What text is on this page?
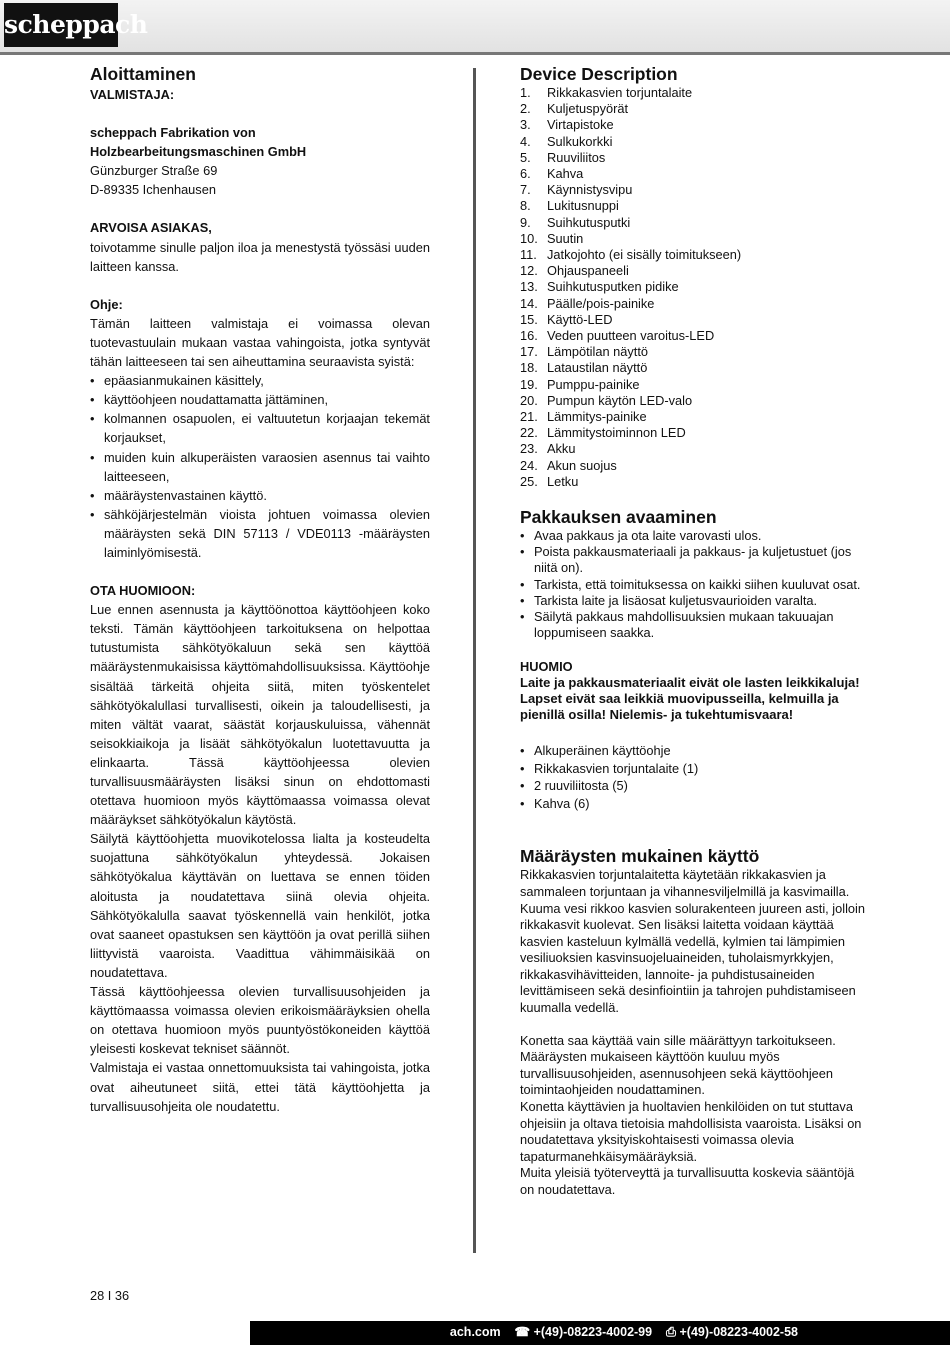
scheppach
Aloittaminen

VALMISTAJA:

scheppach Fabrikation von

Holzbearbeitungsmaschinen GmbH

Günzburger Straße 69

D-89335 Ichenhausen

ARVOISA ASIAKAS,

toivotamme sinulle paljon iloa ja menestystä työssäsi uuden laitteen kanssa.

Ohje:

Tämän laitteen valmistaja ei voimassa olevan tuotevastuulain mukaan vastaa vahingoista, jotka syntyvät tähän laitteeseen tai sen aiheuttamina seuraavista syistä:

• epäasianmukainen käsittely,
• käyttöohjeen noudattamatta jättäminen,
• kolmannen osapuolen, ei valtuutetun korjaajan tekemät korjaukset,
• muiden kuin alkuperäisten varaosien asennus tai vaihto laitteeseen,
• määräystenvastainen käyttö.
• sähköjärjestelmän vioista johtuen voimassa olevien määräysten sekä DIN 57113 / VDE0113 -määräysten laiminlyömisestä.

OTA HUOMIOON:

Lue ennen asennusta ja käyttöönottoa käyttöohjeen koko teksti. Tämän käyttöohjeen tarkoituksena on helpottaa tutustumista sähkötyökaluun sekä sen käyttöä määräystenmukaisissa käyttömahdollisuuksissa. Käyttöohje sisältää tärkeitä ohjeita siitä, miten työskentelet sähkötyökalullasi turvallisesti, oikein ja taloudellisesti, ja miten vältät vaarat, säästät korjauskuluissa, vähennät seisokkiaikoja ja lisäät sähkötyökalun luotettavuutta ja elinkaarta. Tässä käyttöohjeessa olevien turvallisuusmääräysten lisäksi sinun on ehdottomasti otettava huomioon myös käyttömaassa voimassa olevat määräykset sähkötyökalun käytöstä.

Säilytä käyttöohjetta muovikotelossa lialta ja kosteudelta suojattuna sähkötyökalun yhteydessä. Jokaisen sähkötyökalua käyttävän on luettava se ennen töiden aloitusta ja noudatettava siinä olevia ohjeita. Sähkötyökalulla saavat työskennellä vain henkilöt, jotka ovat saaneet opastuksen sen käyttöön ja ovat perillä siihen liittyvistä vaaroista. Vaadittua vähimmäisikää on noudatettava.

Tässä käyttöohjeessa olevien turvallisuusohjeiden ja käyttömaassa voimassa olevien erikoismääräyksien ohella on otettava huomioon myös puuntyöstökoneiden käyttöä yleisesti koskevat tekniset säännöt.

Valmistaja ei vastaa onnettomuuksista tai vahingoista, jotka ovat aiheutuneet siitä, ettei tätä käyttöohjetta ja turvallisuusohjeita ole noudatettu.

Device Description
1. Rikkakasvien torjuntalaite
2. Kuljetuspyörät
3. Virtapistoke
4. Sulkukorkki
5. Ruuviliitos
6. Kahva
7. Käynnistysvipu
8. Lukitusnuppi
9. Suihkutusputki
10. Suutin
11. Jatkojohto (ei sisälly toimitukseen)
12. Ohjauspaneeli
13. Suihkutusputken pidike
14. Päälle/pois-painike
15. Käyttö-LED
16. Veden puutteen varoitus-LED
17. Lämpötilan näyttö
18. Lataustilan näyttö
19. Pumppu-painike
20. Pumpun käytön LED-valo
21. Lämmitys-painike
22. Lämmitystoiminnon LED
23. Akku
24. Akun suojus
25. Letku
Pakkauksen avaaminen
• Avaa pakkaus ja ota laite varovasti ulos.
• Poista pakkausmateriaali ja pakkaus- ja kuljetustuet (jos niitä on).
• Tarkista, että toimituksessa on kaikki siihen kuuluvat osat.
• Tarkista laite ja lisäosat kuljetusvaurioiden varalta.
• Säilytä pakkaus mahdollisuuksien mukaan takuuajan loppumiseen saakka.

HUOMIO

Laite ja pakkausmateriaalit eivät ole lasten leikkikaluja! Lapset eivät saa leikkiä muovipusseilla, kelmuilla ja pienillä osilla! Nielemis- ja tukehtumisvaara!

• Alkuperäinen käyttöohje
• Rikkakasvien torjuntalaite (1)
• 2 ruuviliitosta (5)
• Kahva (6)
Määräysten mukainen käyttö

Rikkakasvien torjuntalaitetta käytetään rikkakasvien ja sammaleen torjuntaan ja vihannesviljelmillä ja kasvimailla. Kuuma vesi rikkoo kasvien solurakenteen juureen asti, jolloin rikkakasvit kuolevat. Sen lisäksi laitetta voidaan käyttää kasvien kasteluun kylmällä vedellä, kylmien tai lämpimien vesiliuoksien kasvinsuojeluaineiden, tuholaismyrkkyjen, rikkakasvihävitteiden, lannoite- ja puhdistusaineiden levittämiseen sekä desinfiointiin ja tahrojen puhdistamiseen kuumalla vedellä.

Konetta saa käyttää vain sille määrättyyn tarkoitukseen. Määräysten mukaiseen käyttöön kuuluu myös turvallisuusohjeiden, asennusohjeen sekä käyttöohjeen toimintaohjeiden noudattaminen.

Konetta käyttävien ja huoltavien henkilöiden on tut stuttava ohjeisiin ja oltava tietoisia mahdollisista vaaroista. Lisäksi on noudatettava yksityiskohtaisesti voimassa olevia tapaturmanehkäisymääräyksiä.

Muita yleisiä työterveyttä ja turvallisuutta koskevia sääntöjä on noudatettava.

28 I 36
ach.com ☎ +(49)-08223-4002-99 ⎙ +(49)-08223-4002-58
